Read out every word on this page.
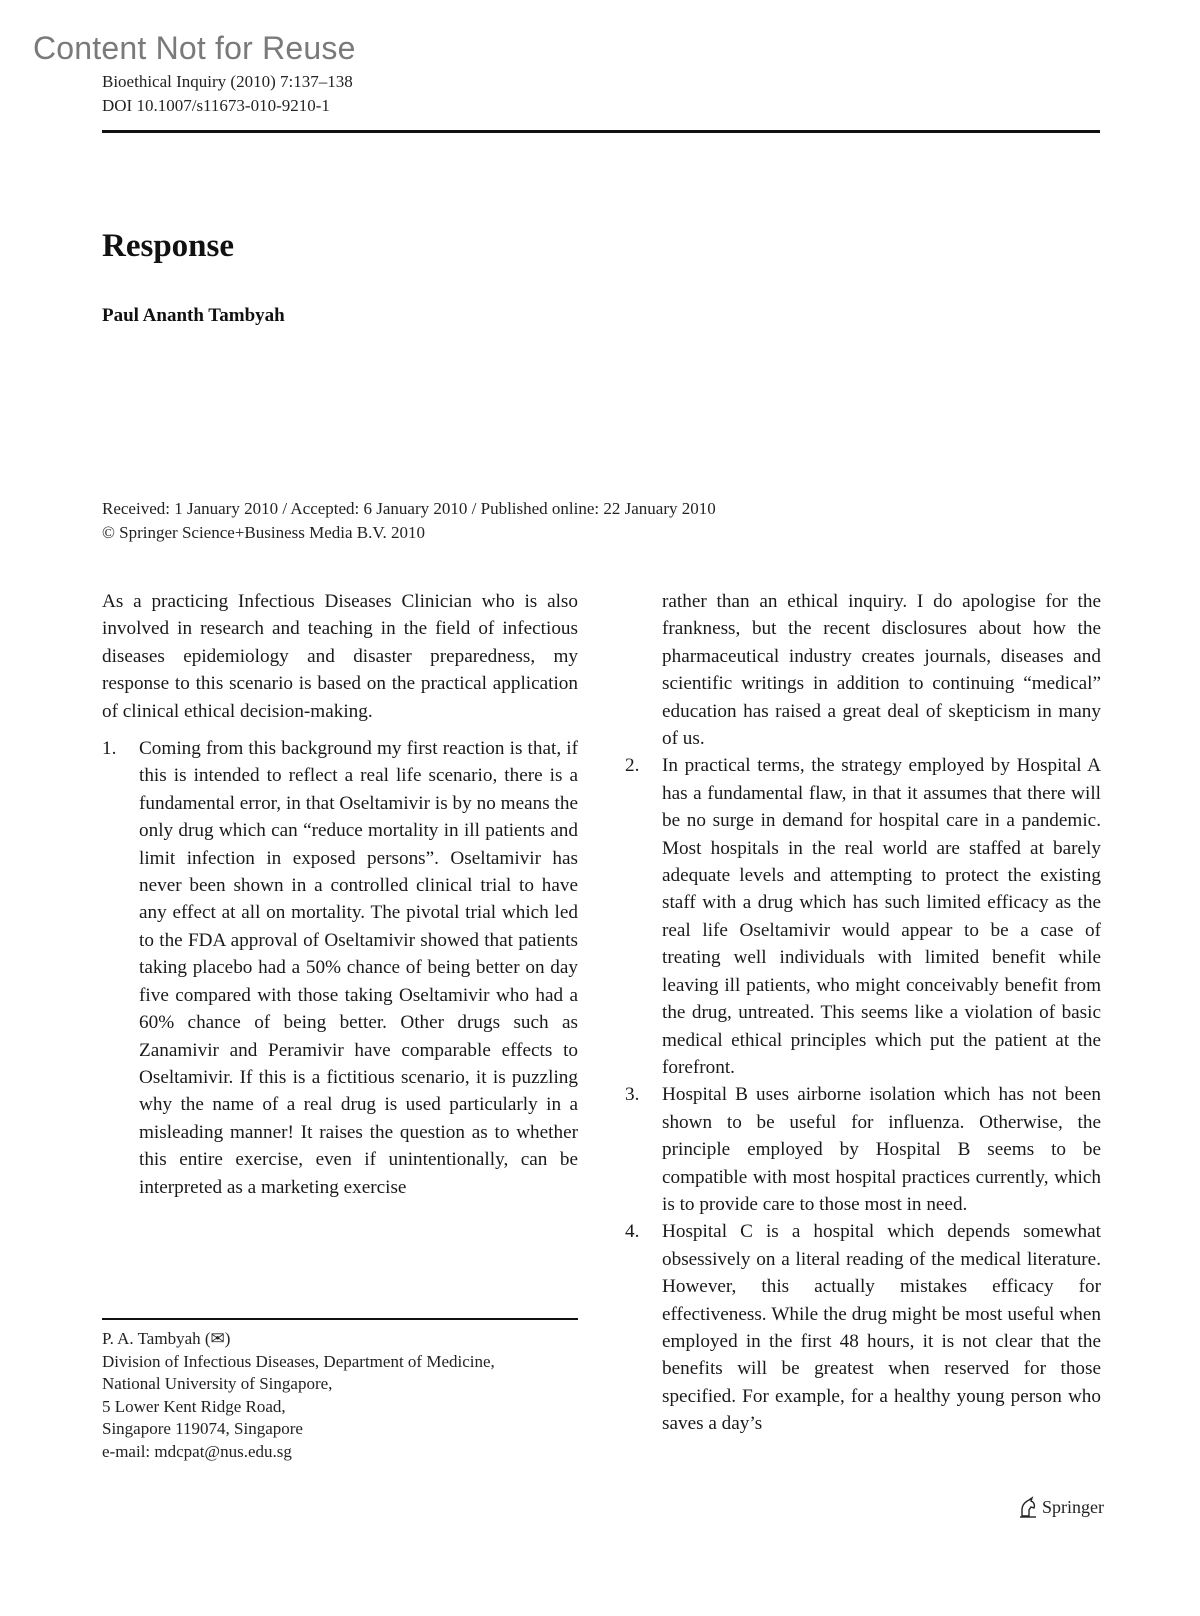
Content Not for Reuse
Bioethical Inquiry (2010) 7:137–138
DOI 10.1007/s11673-010-9210-1
Response
Paul Ananth Tambyah
Received: 1 January 2010 / Accepted: 6 January 2010 / Published online: 22 January 2010
© Springer Science+Business Media B.V. 2010

As a practicing Infectious Diseases Clinician who is also involved in research and teaching in the field of infectious diseases epidemiology and disaster preparedness, my response to this scenario is based on the practical application of clinical ethical decision-making.

1. Coming from this background my first reaction is that, if this is intended to reflect a real life scenario, there is a fundamental error, in that Oseltamivir is by no means the only drug which can “reduce mortality in ill patients and limit infection in exposed persons”. Oseltamivir has never been shown in a controlled clinical trial to have any effect at all on mortality. The pivotal trial which led to the FDA approval of Oseltamivir showed that patients taking placebo had a 50% chance of being better on day five compared with those taking Oseltamivir who had a 60% chance of being better. Other drugs such as Zanamivir and Peramivir have comparable effects to Oseltamivir. If this is a fictitious scenario, it is puzzling why the name of a real drug is used particularly in a misleading manner! It raises the question as to whether this entire exercise, even if unintentionally, can be interpreted as a marketing exercise
rather than an ethical inquiry. I do apologise for the frankness, but the recent disclosures about how the pharmaceutical industry creates journals, diseases and scientific writings in addition to continuing “medical” education has raised a great deal of skepticism in many of us.
2. In practical terms, the strategy employed by Hospital A has a fundamental flaw, in that it assumes that there will be no surge in demand for hospital care in a pandemic. Most hospitals in the real world are staffed at barely adequate levels and attempting to protect the existing staff with a drug which has such limited efficacy as the real life Oseltamivir would appear to be a case of treating well individuals with limited benefit while leaving ill patients, who might conceivably benefit from the drug, untreated. This seems like a violation of basic medical ethical principles which put the patient at the forefront.
3. Hospital B uses airborne isolation which has not been shown to be useful for influenza. Otherwise, the principle employed by Hospital B seems to be compatible with most hospital practices currently, which is to provide care to those most in need.
4. Hospital C is a hospital which depends somewhat obsessively on a literal reading of the medical literature. However, this actually mistakes efficacy for effectiveness. While the drug might be most useful when employed in the first 48 hours, it is not clear that the benefits will be greatest when reserved for those specified. For example, for a healthy young person who saves a day’s
P. A. Tambyah (✉)
Division of Infectious Diseases, Department of Medicine,
National University of Singapore,
5 Lower Kent Ridge Road,
Singapore 119074, Singapore
e-mail: mdcpat@nus.edu.sg
Springer
